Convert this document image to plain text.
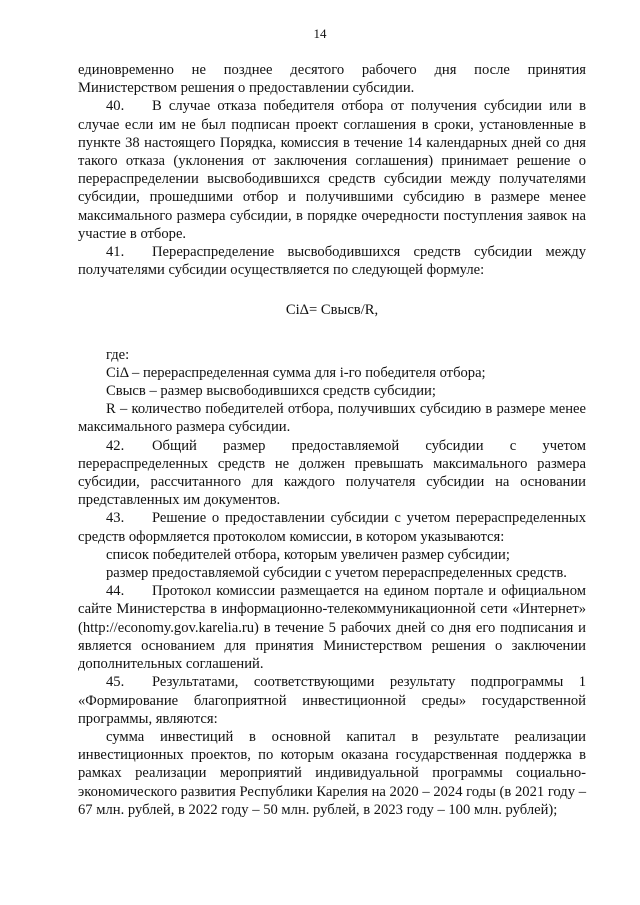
14

единовременно не позднее десятого рабочего дня после принятия Министерством решения о предоставлении субсидии.

40. В случае отказа победителя отбора от получения субсидии или в случае если им не был подписан проект соглашения в сроки, установленные в пункте 38 настоящего Порядка, комиссия в течение 14 календарных дней со дня такого отказа (уклонения от заключения соглашения) принимает решение о перераспределении высвободившихся средств субсидии между получателями субсидии, прошедшими отбор и получившими субсидию в размере менее максимального размера субсидии, в порядке очередности поступления заявок на участие в отборе.

41. Перераспределение высвободившихся средств субсидии между получателями субсидии осуществляется по следующей формуле:

CiΔ= Свысв/R,

где:

CiΔ – перераспределенная сумма для i-го победителя отбора;

Свысв – размер высвободившихся средств субсидии;

R – количество победителей отбора, получивших субсидию в размере менее максимального размера субсидии.

42. Общий размер предоставляемой субсидии с учетом перераспределенных средств не должен превышать максимального размера субсидии, рассчитанного для каждого получателя субсидии на основании представленных им документов.

43. Решение о предоставлении субсидии с учетом перераспределенных средств оформляется протоколом комиссии, в котором указываются:

список победителей отбора, которым увеличен размер субсидии;

размер предоставляемой субсидии с учетом перераспределенных средств.

44. Протокол комиссии размещается на едином портале и официальном сайте Министерства в информационно-телекоммуникационной сети «Интернет» (http://economy.gov.karelia.ru) в течение 5 рабочих дней со дня его подписания и является основанием для принятия Министерством решения о заключении дополнительных соглашений.

45. Результатами, соответствующими результату подпрограммы 1 «Формирование благоприятной инвестиционной среды» государственной программы, являются:

сумма инвестиций в основной капитал в результате реализации инвестиционных проектов, по которым оказана государственная поддержка в рамках реализации мероприятий индивидуальной программы социально-экономического развития Республики Карелия на 2020 – 2024 годы (в 2021 году – 67 млн. рублей, в 2022 году – 50 млн. рублей, в 2023 году – 100 млн. рублей);
